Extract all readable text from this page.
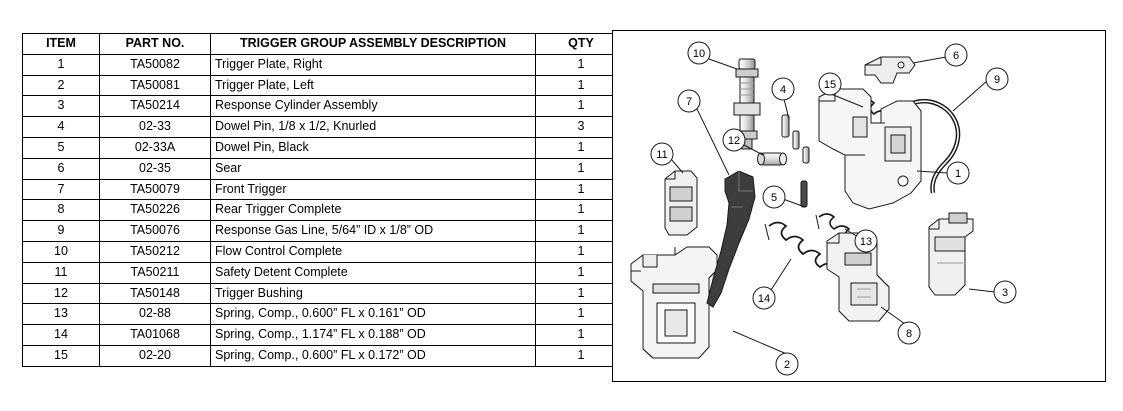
ITEM	PART NO.	TRIGGER GROUP ASSEMBLY DESCRIPTION	QTY
1	TA50082	Trigger Plate, Right	1
2	TA50081	Trigger Plate, Left	1
3	TA50214	Response Cylinder Assembly	1
4	02-33	Dowel Pin, 1/8 x 1/2, Knurled	3
5	02-33A	Dowel Pin, Black	1
6	02-35	Sear	1
7	TA50079	Front Trigger	1
8	TA50226	Rear Trigger Complete	1
9	TA50076	Response Gas Line, 5/64” ID x 1/8” OD	1
10	TA50212	Flow Control Complete	1
11	TA50211	Safety Detent Complete	1
12	TA50148	Trigger Bushing	1
13	02-88	Spring, Comp., 0.600” FL x 0.161” OD	1
14	TA01068	Spring, Comp., 1.174” FL x 0.188” OD	1
15	02-20	Spring, Comp., 0.600” FL x 0.172” OD	1
10	6
9
4	15
7
12
11
1
5
13
3
14
8
2
